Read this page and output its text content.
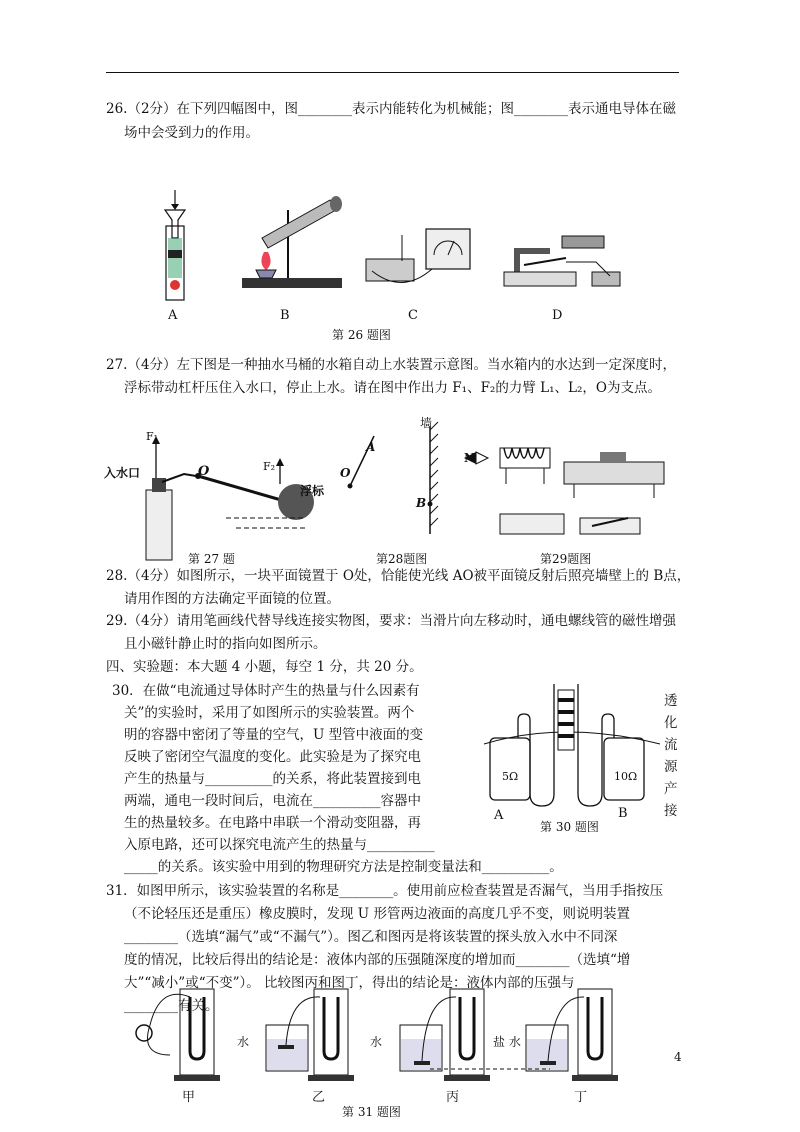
26.（2分）在下列四幅图中，图________表示内能转化为机械能；图________表示通电导体在磁
场中会受到力的作用。
A	B	C	D
第 26 题图
27.（4分）左下图是一种抽水马桶的水箱自动上水装置示意图。当水箱内的水达到一定深度时，
浮标带动杠杆压住入水口，停止上水。请在图中作出力 F₁、F₂的力臂 L₁、L₂，O为支点。
F₁
入水口	O	F₂
浮标
第 27 题
A
O
墙
B
第28题图
N
第29题图
28.（4分）如图所示，一块平面镜置于 O处，恰能使光线 AO被平面镜反射后照亮墙壁上的 B点，
请用作图的方法确定平面镜的位置。
29.（4分）请用笔画线代替导线连接实物图，要求：当滑片向左移动时，通电螺线管的磁性增强
且小磁针静止时的指向如图所示。
四、实验题：本大题 4 小题，每空 1 分，共 20 分。
30．在做“电流通过导体时产生的热量与什么因素有
关”的实验时，采用了如图所示的实验装置。两个
明的容器中密闭了等量的空气，U 型管中液面的变
反映了密闭空气温度的变化。此实验是为了探究电
产生的热量与__________的关系，将此装置接到电
两端，通电一段时间后，电流在__________容器中
生的热量较多。在电路中串联一个滑动变阻器，再
入原电路，还可以探究电流产生的热量与__________
_____的关系。该实验中用到的物理研究方法是控制变量法和__________。
透化流源产接
5Ω	10Ω
A	B
第 30 题图
31．如图甲所示，该实验装置的名称是________。使用前应检查装置是否漏气，当用手指按压
（不论轻压还是重压）橡皮膜时，发现 U 形管两边液面的高度几乎不变，则说明装置
________（选填“漏气”或“不漏气”）。图乙和图丙是将该装置的探头放入水中不同深
度的情况，比较后得出的结论是：液体内部的压强随深度的增加而________（选填“增
大”“减小”或“不变”）。 比较图丙和图丁，得出的结论是：液体内部的压强与
________有关。
水	水	盐 水
甲	乙	丙	丁
第 31 题图
4
